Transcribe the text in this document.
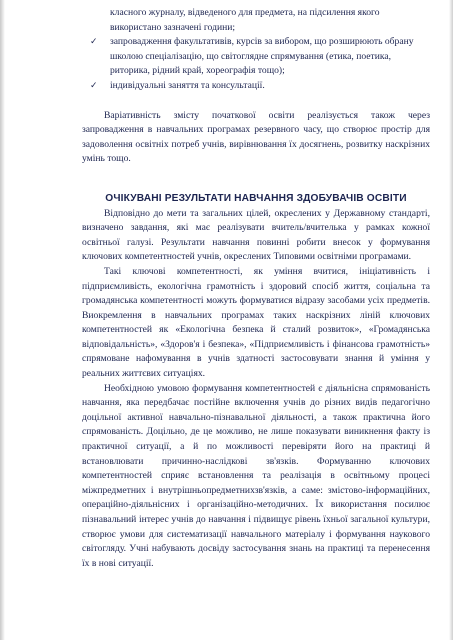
класного журналу, відведеного для предмета, на підсилення якого використано зазначені години;

✓ запровадження факультативів, курсів за вибором, що розширюють обрану школою спеціалізацію, що світоглядне спрямування (етика, поетика, риторика, рідний край, хореографія тощо);
✓ індивідуальні заняття та консультації.

Варіативність змісту початкової освіти реалізується також через запровадження в навчальних програмах резервного часу, що створює простір для задоволення освітніх потреб учнів, вирівнювання їх досягнень, розвитку наскрізних умінь тощо.

ОЧІКУВАНІ РЕЗУЛЬТАТИ НАВЧАННЯ ЗДОБУВАЧІВ ОСВІТИ

Відповідно до мети та загальних цілей, окреслених у Державному стандарті, визначено завдання, які має реалізувати вчитель/вчителька у рамках кожної освітньої галузі. Результати навчання повинні робити внесок у формування ключових компетентностей учнів, окреслених Типовими освітніми програмами.

Такі ключові компетентності, як уміння вчитися, ініціативність і підприємливість, екологічна грамотність і здоровий спосіб життя, соціальна та громадянська компетентності можуть формуватися відразу засобами усіх предметів. Виокремлення в навчальних програмах таких наскрізних ліній ключових компетентностей як «Екологічна безпека й сталий розвиток», «Громадянська відповідальність», «Здоров'я і безпека», «Підприємливість і фінансова грамотність» спрямоване нафомування в учнів здатності застосовувати знання й уміння у реальних життєвих ситуаціях.

Необхідною умовою формування компетентностей є діяльнісна спрямованість навчання, яка передбачає постійне включення учнів до різних видів педагогічно доцільної активної навчально-пізнавальної діяльності, а також практична його спрямованість. Доцільно, де це можливо, не лише показувати виникнення факту із практичної ситуації, а й по можливості перевіряти його на практиці й встановлювати причинно-наслідкові зв'язків. Формуванню ключових компетентностей сприяє встановлення та реалізація в освітньому процесі міжпредметних і внутрішньопредметнихзв'язків, а саме: змістово-інформаційних, операційно-діяльнісних і організаційно-методичних. Їх використання посилює пізнавальний інтерес учнів до навчання і підвищує рівень їхньої загальної культури, створює умови для систематизації навчального матеріалу і формування наукового світогляду. Учні набувають досвіду застосування знань на практиці та перенесення їх в нові ситуації.
